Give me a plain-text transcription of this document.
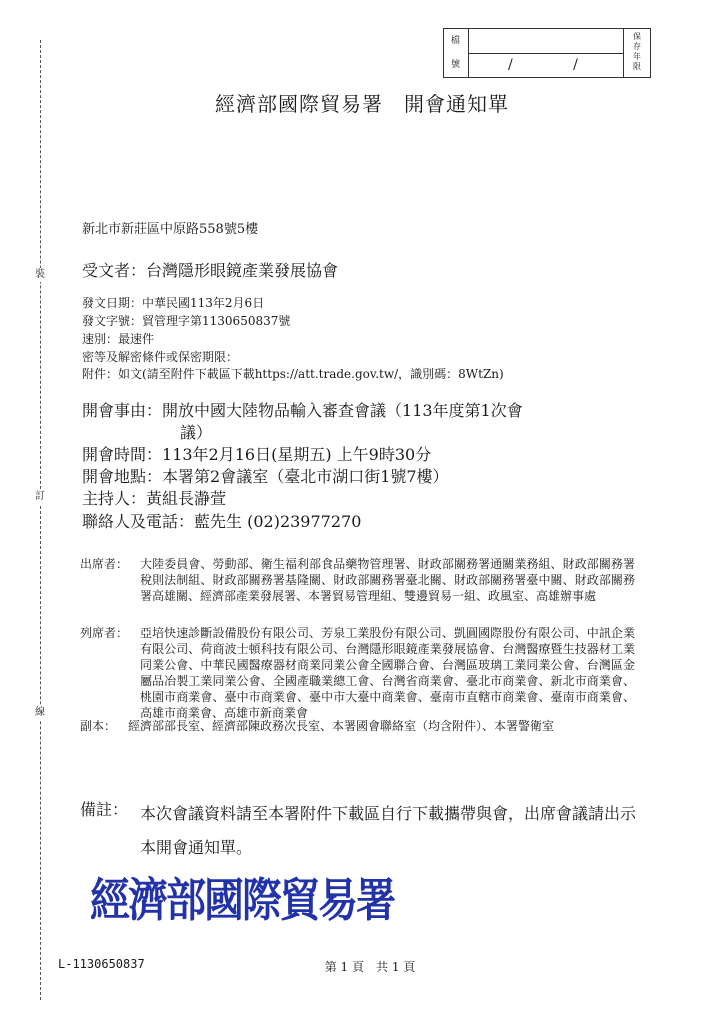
裝
訂
線
檔
號	/ /
保存年限
經濟部國際貿易署　開會通知單
新北市新莊區中原路558號5樓
受文者：台灣隱形眼鏡產業發展協會
發文日期：中華民國113年2月6日
發文字號：貿管理字第1130650837號
速別：最速件
密等及解密條件或保密期限：
附件：如文(請至附件下載區下載https://att.trade.gov.tw/，識別碼：8WtZn)
開會事由：開放中國大陸物品輸入審查會議（113年度第1次會
議）
開會時間：113年2月16日(星期五) 上午9時30分
開會地點：本署第2會議室（臺北市湖口街1號7樓）
主持人：黃組長瀞萱
聯絡人及電話：藍先生 (02)23977270
出席者： 大陸委員會、勞動部、衛生福利部食品藥物管理署、財政部關務署通關業務組、財政部關務署稅則法制組、財政部關務署基隆關、財政部關務署臺北關、財政部關務署臺中關、財政部關務署高雄關、經濟部產業發展署、本署貿易管理組、雙邊貿易一組、政風室、高雄辦事處
列席者： 亞培快速診斷設備股份有限公司、芳泉工業股份有限公司、凱圓國際股份有限公司、中訊企業有限公司、荷商波士頓科技有限公司、台灣隱形眼鏡產業發展協會、台灣醫療暨生技器材工業同業公會、中華民國醫療器材商業同業公會全國聯合會、台灣區玻璃工業同業公會、台灣區金屬品冶製工業同業公會、全國產職業總工會、台灣省商業會、臺北市商業會、新北市商業會、桃園市商業會、臺中市商業會、臺中市大臺中商業會、臺南市直轄市商業會、臺南市商業會、高雄市商業會、高雄市新商業會
副本： 經濟部部長室、經濟部陳政務次長室、本署國會聯絡室（均含附件）、本署警衛室
備註： 本次會議資料請至本署附件下載區自行下載攜帶與會，出席會議請出示本開會通知單。
經濟部國際貿易署
L-1130650837	第 1 頁　共 1 頁
